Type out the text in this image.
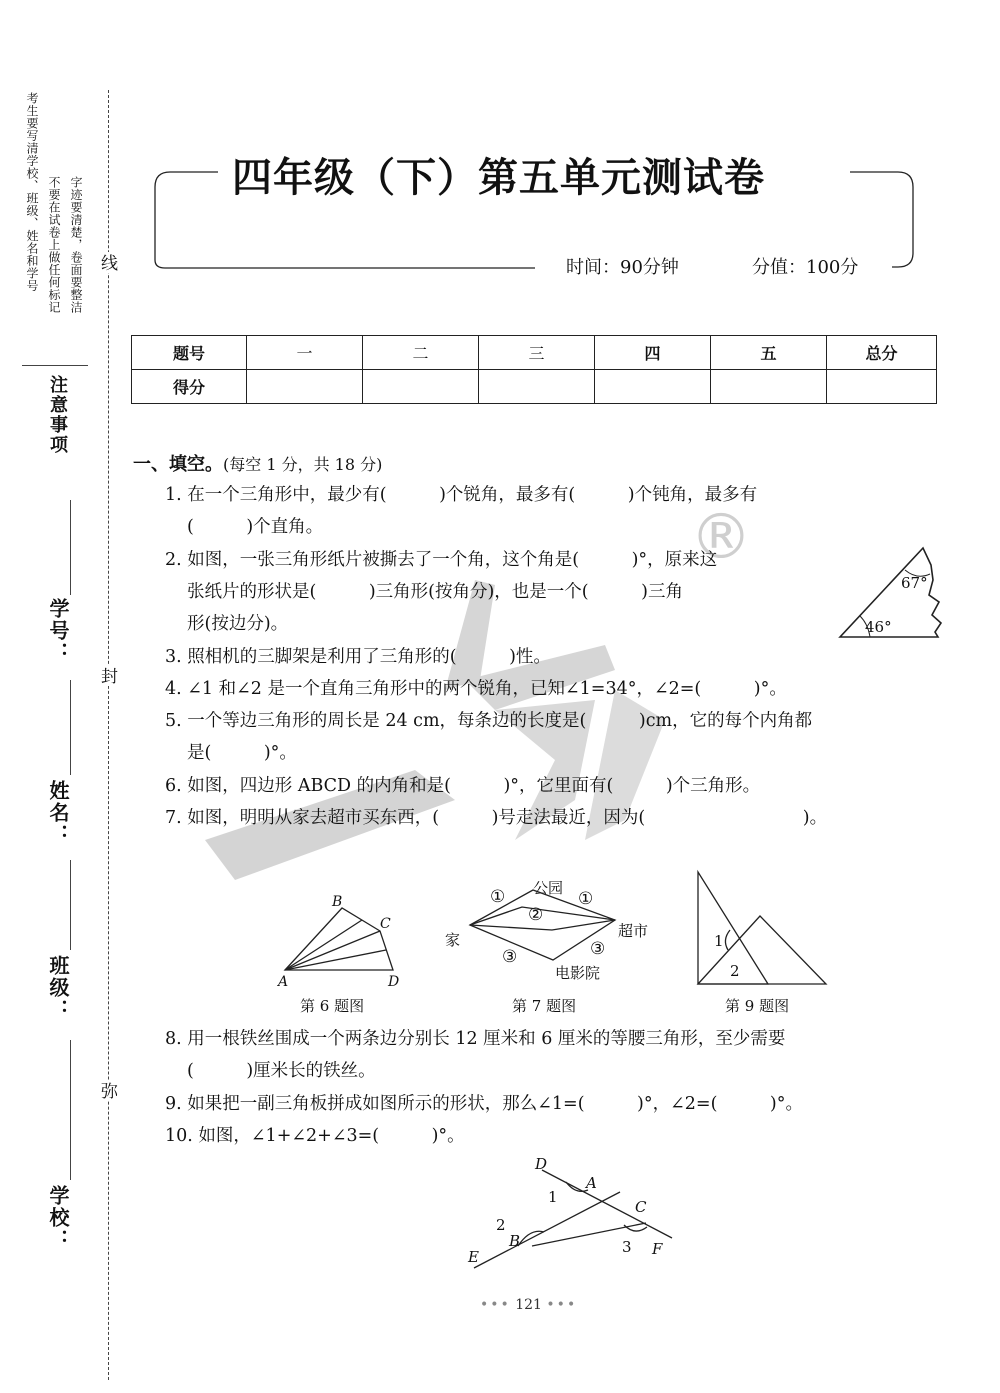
考生要写清学校、班级、姓名和学号 不要在试卷上做任何标记 字迹要清楚，卷面要整洁
注意事项
线
封
弥
学号：
姓名：
班级：
学校：
四年级（下）第五单元测试卷
时间：90分钟	分值：100分
题号	一	二	三	四	五	总分
得分						
®
一、填空。(每空 1 分，共 18 分)
1. 在一个三角形中，最少有(　　　)个锐角，最多有(　　　)个钝角，最多有
(　　　)个直角。
2. 如图，一张三角形纸片被撕去了一个角，这个角是(　　　)°，原来这
张纸片的形状是(　　　)三角形(按角分)，也是一个(　　　)三角
形(按边分)。
67°
46°
3. 照相机的三脚架是利用了三角形的(　　　)性。
4. ∠1 和∠2 是一个直角三角形中的两个锐角，已知∠1=34°，∠2=(　　　)°。
5. 一个等边三角形的周长是 24 cm，每条边的长度是(　　　)cm，它的每个内角都
是(　　　)°。
6. 如图，四边形 ABCD 的内角和是(　　　)°，它里面有(　　　)个三角形。
7. 如图，明明从家去超市买东西，(　　　)号走法最近，因为(　　　　　　　　　)。
A
B
C
D
第 6 题图
公园
家	超市
电影院
①	①
②
③	③
第 7 题图
1
2
第 9 题图
8. 用一根铁丝围成一个两条边分别长 12 厘米和 6 厘米的等腰三角形，至少需要
(　　　)厘米长的铁丝。
9. 如果把一副三角板拼成如图所示的形状，那么∠1=(　　　)°，∠2=(　　　)°。
10. 如图，∠1+∠2+∠3=(　　　)°。
D
A
C
E
B	F
1
2
3
••• 121 •••
